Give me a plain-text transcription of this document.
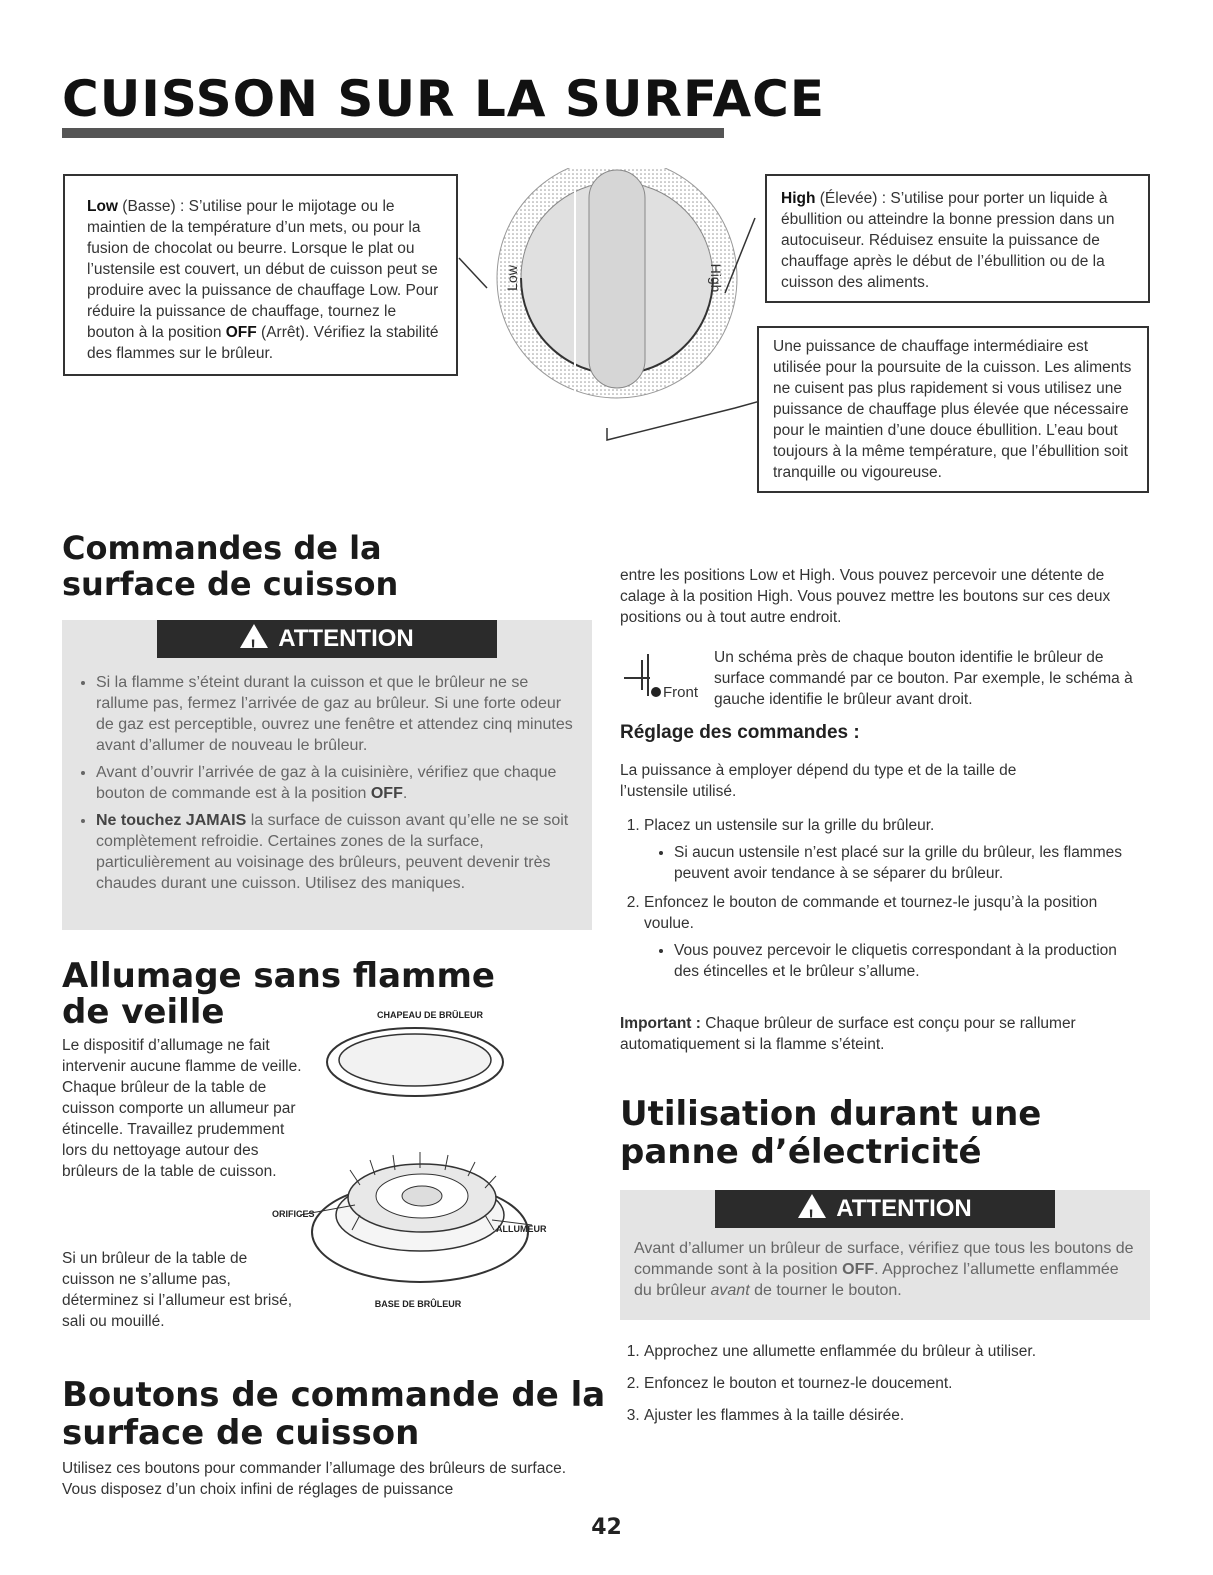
CUISSON SUR LA SURFACE
Low (Basse) : S’utilise pour le mijotage ou le maintien de la température d’un mets, ou pour la fusion de chocolat ou beurre. Lorsque le plat ou l’ustensile est couvert, un début de cuisson peut se produire avec la puissance de chauffage Low. Pour réduire la puissance de chauffage, tournez le bouton à la position OFF (Arrêt). Vérifiez la stabilité des flammes sur le brûleur.
Low	High
High (Élevée) : S’utilise pour porter un liquide à ébullition ou atteindre la bonne pression dans un autocuiseur. Réduisez ensuite la puissance de chauffage après le début de l’ébullition ou de la cuisson des aliments.
Une puissance de chauffage intermédiaire est utilisée pour la poursuite de la cuisson. Les aliments ne cuisent pas plus rapidement si vous utilisez une puissance de chauffage plus élevée que nécessaire pour le maintien d’une douce ébullition. L’eau bout toujours à la même température, que l’ébullition soit tranquille ou vigoureuse.
Commandes de la
surface de cuisson
! ATTENTION
• Si la flamme s’éteint durant la cuisson et que le brûleur ne se rallume pas, fermez l’arrivée de gaz au brûleur. Si une forte odeur de gaz est perceptible, ouvrez une fenêtre et attendez cinq minutes avant d’allumer de nouveau le brûleur.
• Avant d’ouvrir l’arrivée de gaz à la cuisinière, vérifiez que chaque bouton de commande est à la position OFF.
• Ne touchez JAMAIS la surface de cuisson avant qu’elle ne se soit complètement refroidie. Certaines zones de la surface, particulièrement au voisinage des brûleurs, peuvent devenir très chaudes durant une cuisson. Utilisez des maniques.
Allumage sans flamme
de veille
Le dispositif d’allumage ne fait intervenir aucune flamme de veille. Chaque brûleur de la table de cuisson comporte un allumeur par étincelle. Travaillez prudemment lors du nettoyage autour des brûleurs de la table de cuisson.
Si un brûleur de la table de cuisson ne s’allume pas, déterminez si l’allumeur est brisé, sali ou mouillé.
CHAPEAU DE BRÛLEUR
ORIFICES
ALLUMEUR
BASE DE BRÛLEUR
Boutons de commande de la
surface de cuisson
Utilisez ces boutons pour commander l’allumage des brûleurs de surface. Vous disposez d’un choix infini de réglages de puissance
entre les positions Low et High. Vous pouvez percevoir une détente de calage à la position High. Vous pouvez mettre les boutons sur ces deux positions ou à tout autre endroit.
Front
Un schéma près de chaque bouton identifie le brûleur de surface commandé par ce bouton. Par exemple, le schéma à gauche identifie le brûleur avant droit.
Réglage des commandes :
La puissance à employer dépend du type et de la taille de l’ustensile utilisé.
1. Placez un ustensile sur la grille du brûleur.
• Si aucun ustensile n’est placé sur la grille du brûleur, les flammes peuvent avoir tendance à se séparer du brûleur.
2. Enfoncez le bouton de commande et tournez-le jusqu’à la position voulue.
• Vous pouvez percevoir le cliquetis correspondant à la production des étincelles et le brûleur s’allume.
Important : Chaque brûleur de surface est conçu pour se rallumer automatiquement si la flamme s’éteint.
Utilisation durant une
panne d’électricité
! ATTENTION
Avant d’allumer un brûleur de surface, vérifiez que tous les boutons de commande sont à la position OFF. Approchez l’allumette enflammée du brûleur avant de tourner le bouton.
1. Approchez une allumette enflammée du brûleur à utiliser.
2. Enfoncez le bouton et tournez-le doucement.
3. Ajuster les flammes à la taille désirée.
42
